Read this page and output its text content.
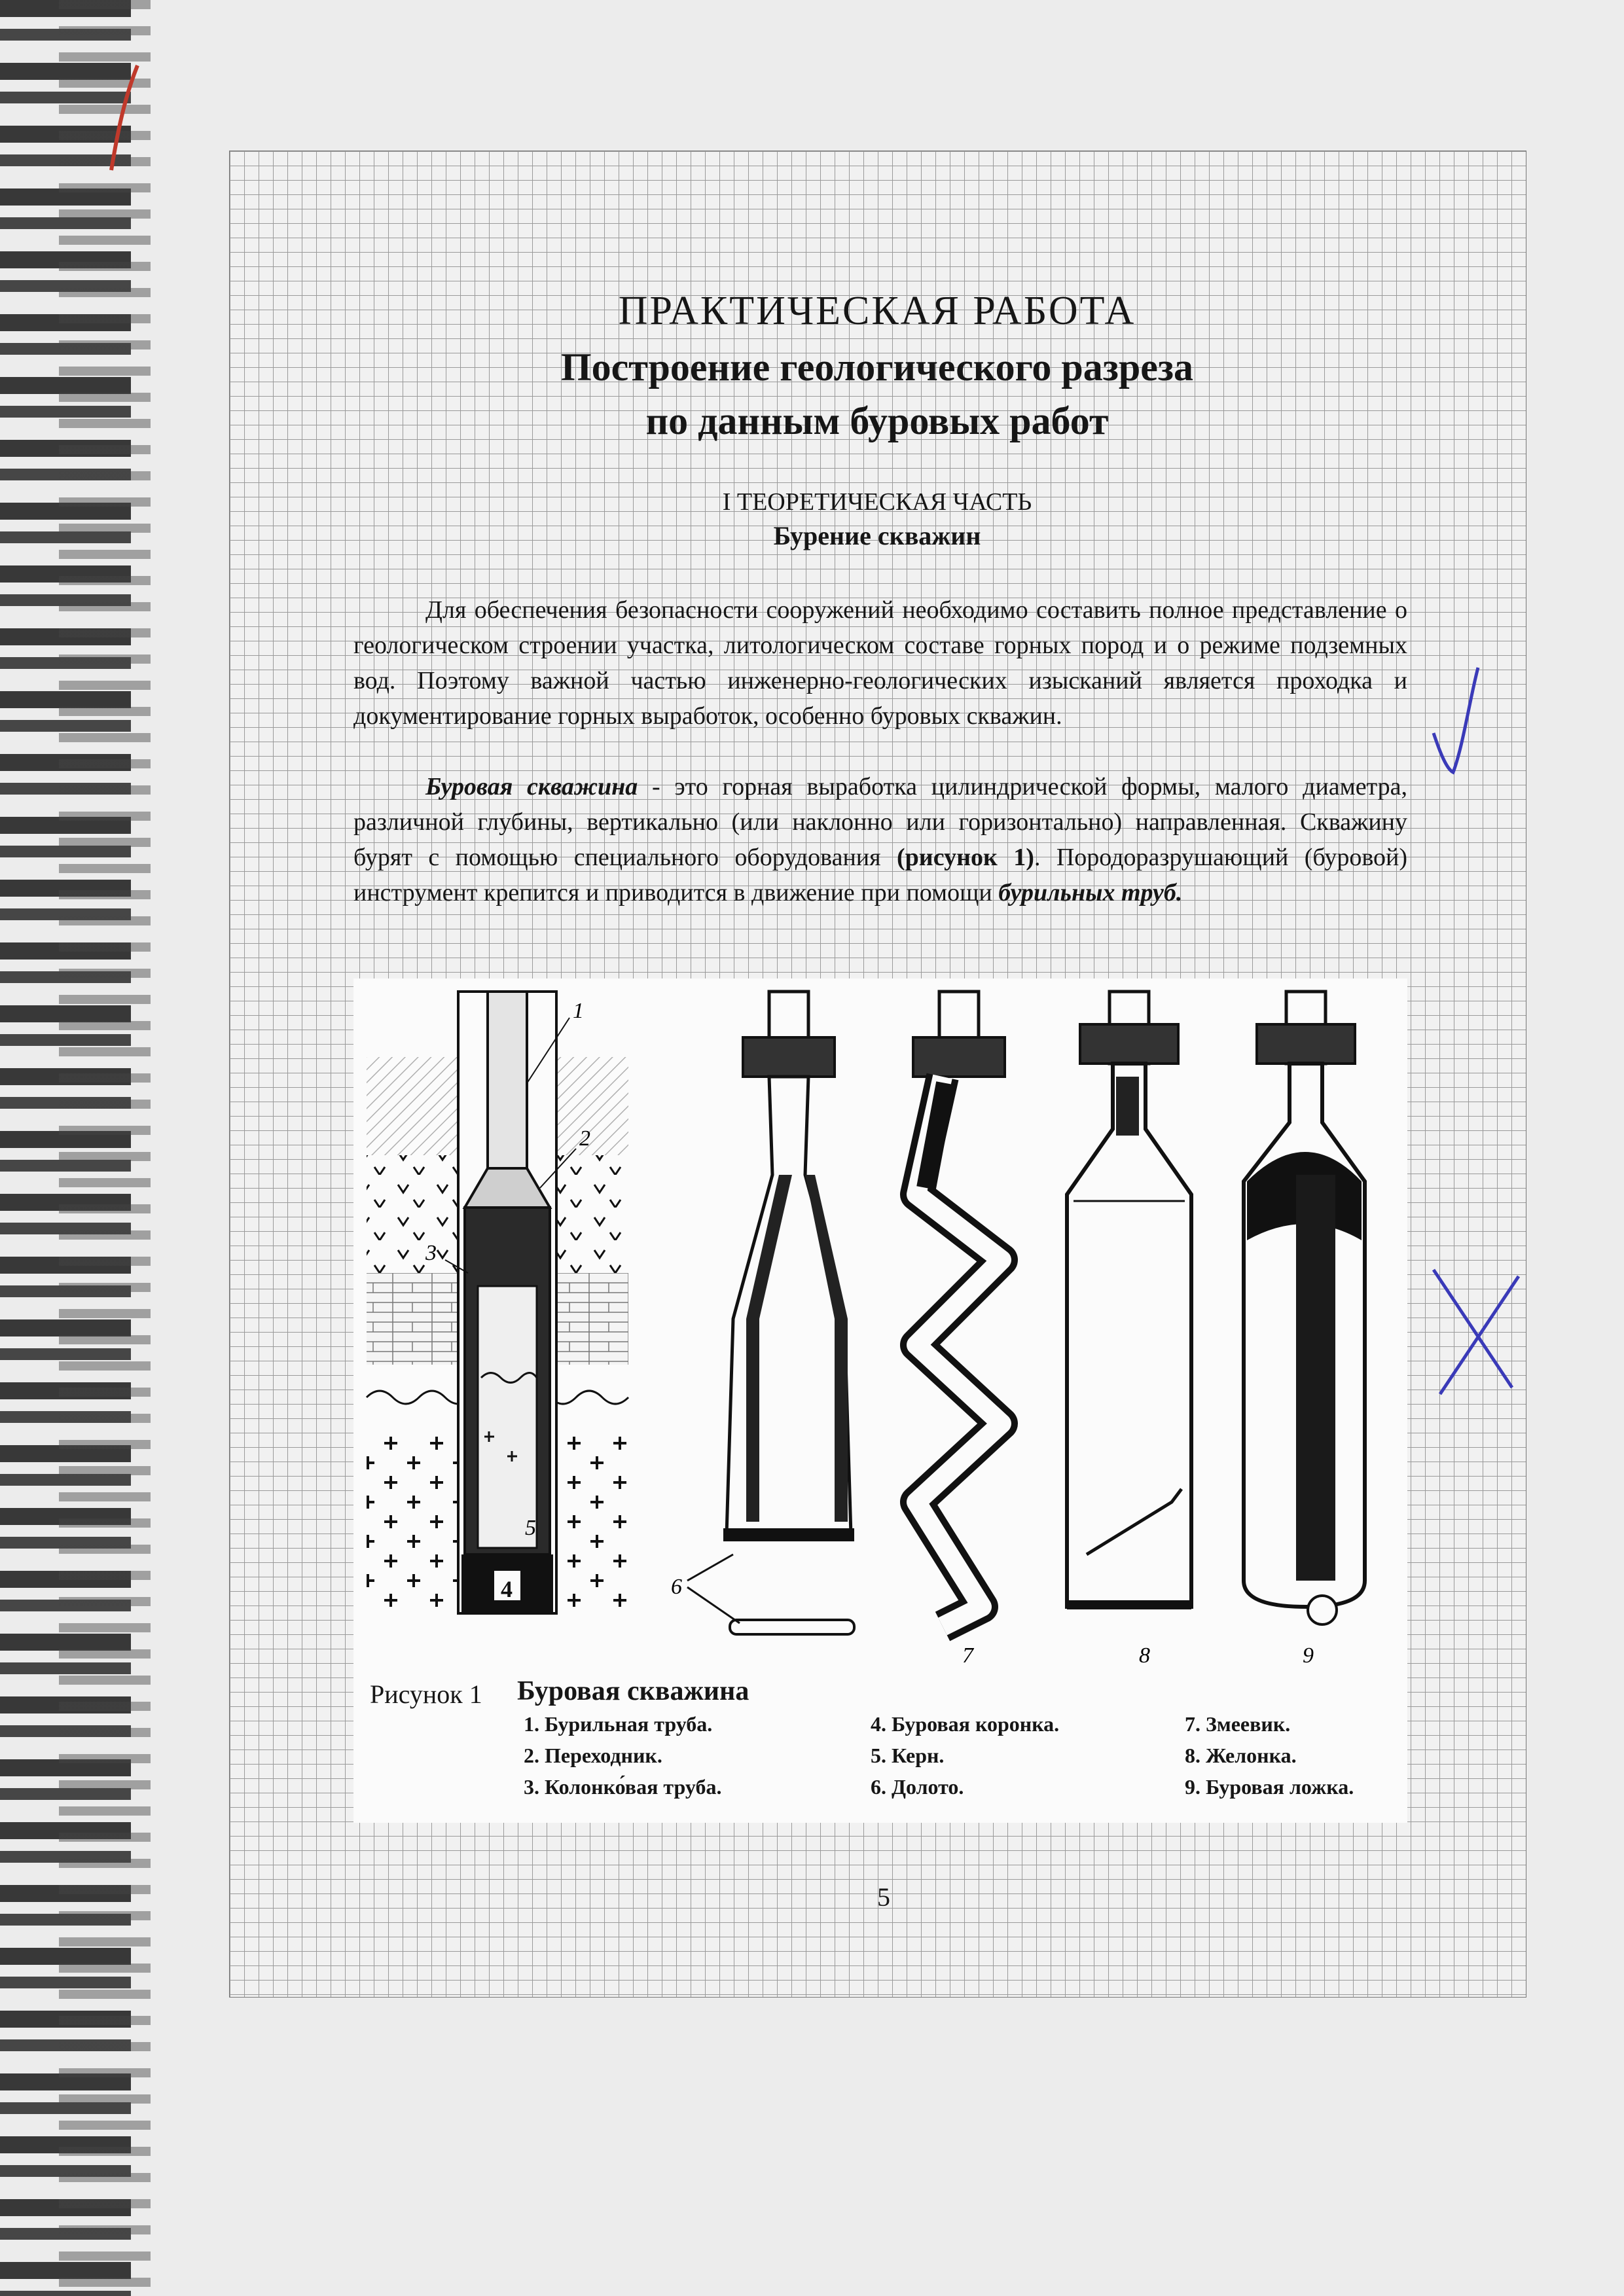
ПРАКТИЧЕСКАЯ РАБОТА
Построение геологического разреза
по данным буровых работ
I ТЕОРЕТИЧЕСКАЯ ЧАСТЬ
Бурение скважин

Для обеспечения безопасности сооружений необходимо составить полное представление о геологическом строении участка, литологическом составе горных пород и о режиме подземных вод. Поэтому важной частью инженерно-геологических изысканий является проходка и документирование горных выработок, особенно буровых скважин.

Буровая скважина - это горная выработка цилиндрической формы, малого диаметра, различной глубины, вертикально (или наклонно или горизонтально) направленная. Скважину бурят с помощью специального оборудования (рисунок 1). Породоразрушающий (буровой) инструмент крепится и приводится в движение при помощи бурильных труб.

1
2
3
4
5
6
7	8	9
Рисунок 1 Буровая скважина
1. Бурильная труба.
2. Переходник.
3. Колонко́вая труба.
4. Буровая коронка.
5. Керн.
6. Долото.
7. Змеевик.
8. Желонка.
9. Буровая ложка.
5
